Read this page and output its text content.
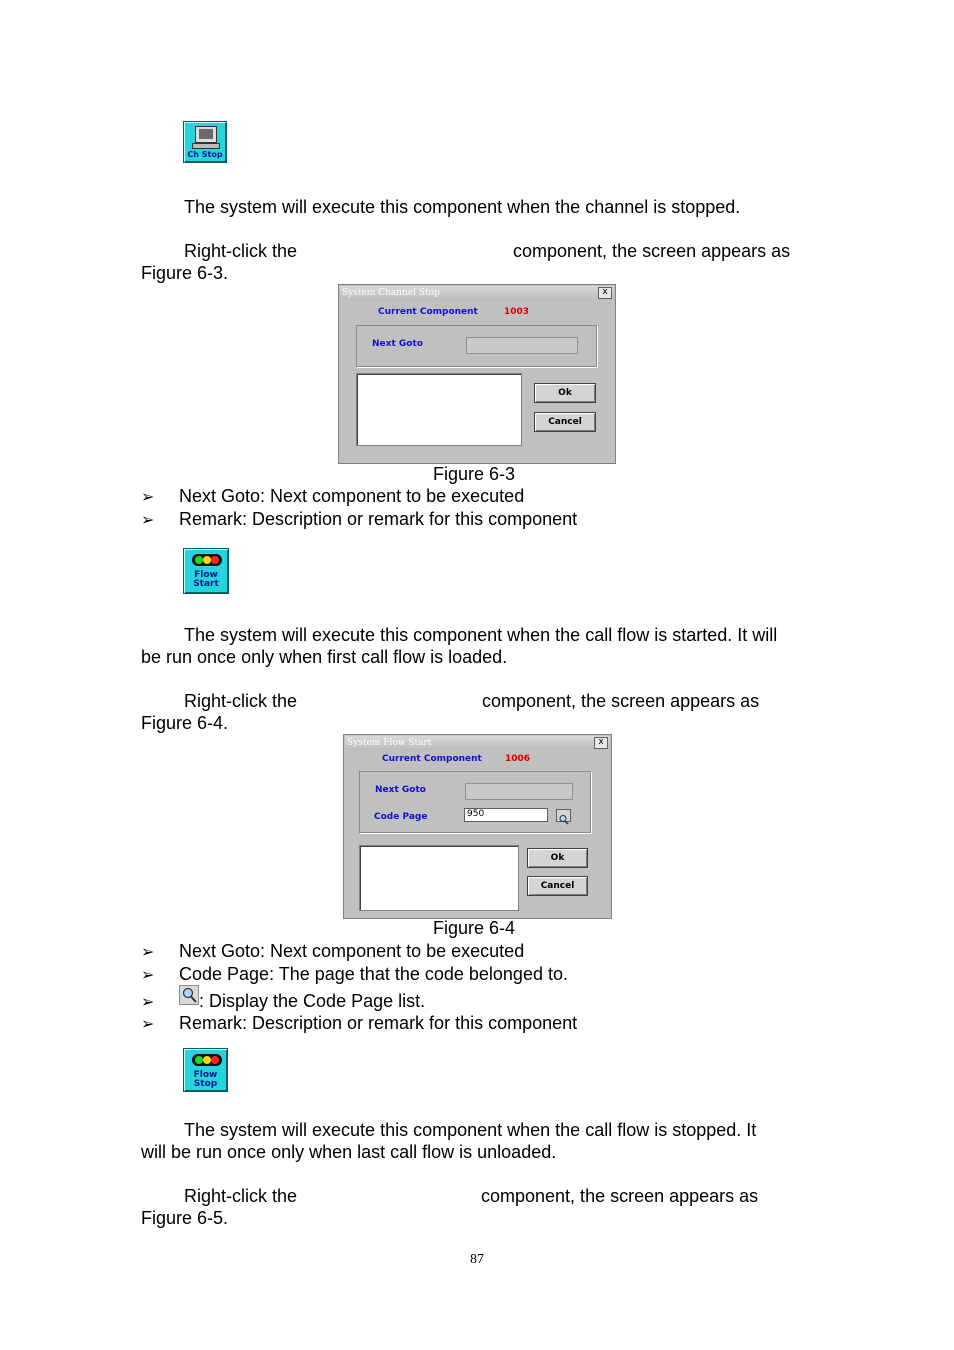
Ch Stop
The system will execute this component when the channel is stopped.
Right-click the	component, the screen appears as
Figure 6-3.
System Channel Stop	x
Current Component	1003
Next Goto
Ok
Cancel
Figure 6-3
➢ Next Goto: Next component to be executed
➢ Remark: Description or remark for this component
Flow
Start
The system will execute this component when the call flow is started. It will
be run once only when first call flow is loaded.
Right-click the	component, the screen appears as
Figure 6-4.
System Flow Start	x
Current Component	1006
Next Goto
Code Page	950
Ok
Cancel
Figure 6-4
➢ Next Goto: Next component to be executed
➢ Code Page: The page that the code belonged to.
➢ : Display the Code Page list.
➢ Remark: Description or remark for this component
Flow
Stop
The system will execute this component when the call flow is stopped. It
will be run once only when last call flow is unloaded.
Right-click the	component, the screen appears as
Figure 6-5.
87
